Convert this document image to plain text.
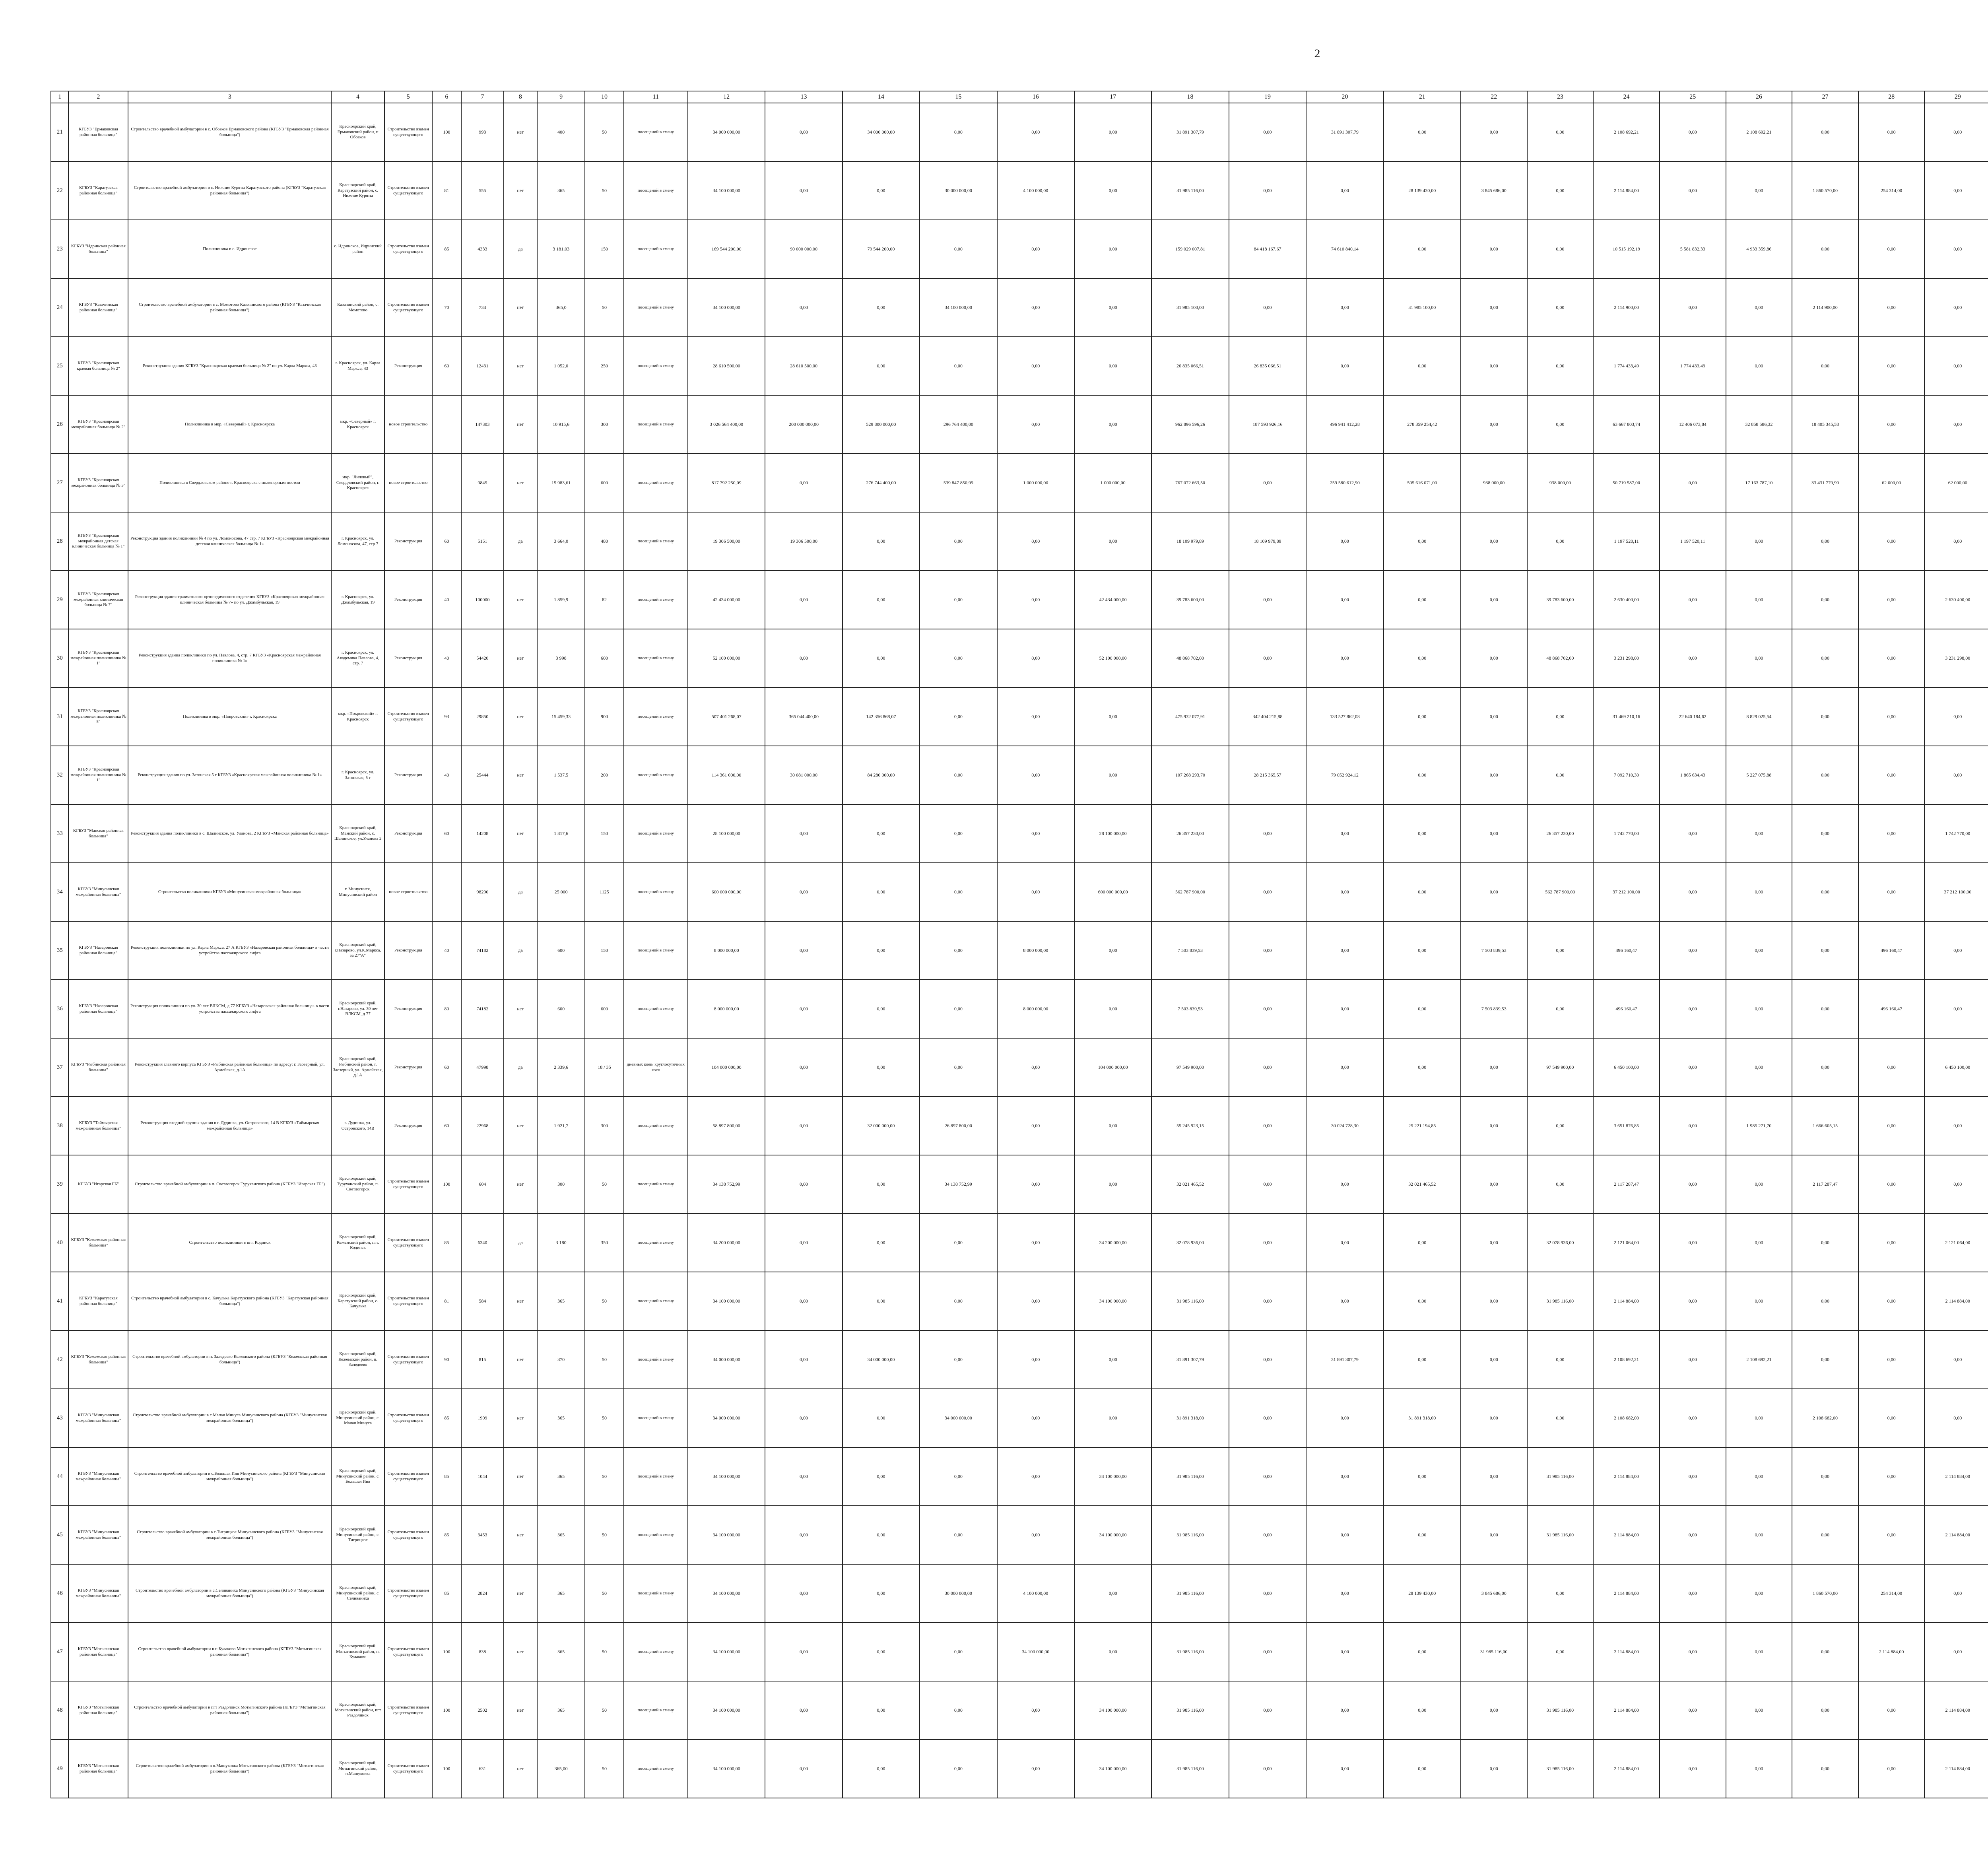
2
1	2	3	4	5	6	7	8	9	10	11	12	13	14	15	16	17	18	19	20	21	22	23	24	25	26	27	28	29								
21	КГБУЗ "Ермаковская районная больница"	Строительство врачебной амбулатории в с. Обозков Ермаковского района (КГБУЗ "Ермаковская районная больница")	Красноярский край, Ермаковский район, п Обозков	Строительство взамен существующего	100	993	нет	400	50	посещений в смену	34 000 000,00	0,00	34 000 000,00	0,00	0,00	0,00	31 891 307,79	0,00	31 891 307,79	0,00	0,00	0,00	2 108 692,21	0,00	2 108 692,21	0,00	0,00	0,00								
22	КГБУЗ "Каратузская районная больница"	Строительство врачебной амбулатории в с. Нижние Куряты Каратузского района (КГБУЗ "Каратузская районная больница")	Красноярский край, Каратузский район, с. Нижние Куряты	Строительство взамен существующего	81	555	нет	365	50	посещений в смену	34 100 000,00	0,00	0,00	30 000 000,00	4 100 000,00	0,00	31 985 116,00	0,00	0,00	28 139 430,00	3 845 686,00	0,00	2 114 884,00	0,00	0,00	1 860 570,00	254 314,00	0,00								
23	КГБУЗ "Идринская районная больница"	Поликлиника в с. Идринское	с. Идринское, Идринский район	Строительство взамен существующего	85	4333	да	3 181,03	150	посещений в смену	169 544 200,00	90 000 000,00	79 544 200,00	0,00	0,00	0,00	159 029 007,81	84 418 167,67	74 610 840,14	0,00	0,00	0,00	10 515 192,19	5 581 832,33	4 933 359,86	0,00	0,00	0,00								
24	КГБУЗ "Казачинская районная больница"	Строительство врачебной амбулатории в с. Момотово Казачинского района (КГБУЗ "Казачинская районная больница")	Казачинский район, с. Момотово	Строительство взамен существующего	70	734	нет	365,0	50	посещений в смену	34 100 000,00	0,00	0,00	34 100 000,00	0,00	0,00	31 985 100,00	0,00	0,00	31 985 100,00	0,00	0,00	2 114 900,00	0,00	0,00	2 114 900,00	0,00	0,00								
25	КГБУЗ "Красноярская краевая больница № 2"	Реконструкция здания КГБУЗ "Красноярская краевая больница № 2" по ул. Карла Маркса, 43	г. Красноярск, ул. Карла Маркса, 43	Реконструкция	60	12431	нет	1 052,0	250	посещений в смену	28 610 500,00	28 610 500,00	0,00	0,00	0,00	0,00	26 835 066,51	26 835 066,51	0,00	0,00	0,00	0,00	1 774 433,49	1 774 433,49	0,00	0,00	0,00	0,00								
26	КГБУЗ "Красноярская межрайонная больница № 2"	Поликлиника в мкр. «Северный» г. Красноярска	мкр. «Северный» г. Красноярск	новое строительство		147303	нет	10 915,6	300	посещений в смену	3 026 564 400,00	200 000 000,00	529 800 000,00	296 764 400,00	0,00	0,00	962 896 596,26	187 593 926,16	496 941 412,28	278 359 254,42	0,00	0,00	63 667 803,74	12 406 073,84	32 858 586,32	18 405 345,58	0,00	0,00								
27	КГБУЗ "Красноярская межрайонная больница № 3"	Поликлиника в Свердловском районе г. Красноярска с инженерным постом	мкр. "Лиловый", Свердловский район, г. Красноярск	новое строительство		9845	нет	15 983,61	600	посещений в смену	817 792 250,09	0,00	276 744 400,00	539 847 850,99	1 000 000,00	1 000 000,00	767 072 663,50	0,00	259 580 612,90	505 616 071,00	938 000,00	938 000,00	50 719 587,00	0,00	17 163 787,10	33 431 779,99	62 000,00	62 000,00								
28	КГБУЗ "Красноярская межрайонная детская клиническая больница № 1"	Реконструкция здания поликлиники № 4 по ул. Ломоносова, 47 стр. 7 КГБУЗ «Красноярская межрайонная детская клиническая больница № 1»	г. Красноярск, ул. Ломоносова, 47, стр 7	Реконструкция	60	5151	да	3 664,0	480	посещений в смену	19 306 500,00	19 306 500,00	0,00	0,00	0,00	0,00	18 109 979,89	18 109 979,89	0,00	0,00	0,00	0,00	1 197 520,11	1 197 520,11	0,00	0,00	0,00	0,00								
29	КГБУЗ "Красноярская межрайонная клиническая больница № 7"	Реконструкция здания травматолого-ортопедического отделения КГБУЗ «Красноярская межрайонная клиническая больница № 7» по ул. Джамбульская, 19	г. Красноярск, ул. Джамбульская, 19	Реконструкция	40	100000	нет	1 859,9	82	посещений в смену	42 434 000,00	0,00	0,00	0,00	0,00	42 434 000,00	39 783 600,00	0,00	0,00	0,00	0,00	39 783 600,00	2 630 400,00	0,00	0,00	0,00	0,00	2 630 400,00								
30	КГБУЗ "Красноярская межрайонная поликлиника № 1"	Реконструкция здания поликлиники по ул. Павлова, 4, стр. 7 КГБУЗ «Красноярская межрайонная поликлиника № 1»	г. Красноярск, ул. Академика Павлова, 4, стр. 7	Реконструкция	40	54420	нет	3 998	600	посещений в смену	52 100 000,00	0,00	0,00	0,00	0,00	52 100 000,00	48 868 702,00	0,00	0,00	0,00	0,00	48 868 702,00	3 231 298,00	0,00	0,00	0,00	0,00	3 231 298,00								
31	КГБУЗ "Красноярская межрайонная поликлиника № 5"	Поликлиника в мкр. «Покровский» г. Красноярска	мкр. «Покровский» г. Красноярск	Строительство взамен существующего	93	29850	нет	15 459,33	900	посещений в смену	507 401 268,07	365 044 400,00	142 356 868,07	0,00	0,00	0,00	475 932 077,91	342 404 215,88	133 527 862,03	0,00	0,00	0,00	31 469 210,16	22 640 184,62	8 829 025,54	0,00	0,00	0,00								
32	КГБУЗ "Красноярская межрайонная поликлиника № 1"	Реконструкция здания по ул. Затонская 5 г КГБУЗ «Красноярская межрайонная поликлиника № 1»	г. Красноярск, ул. Затонская, 5 г	Реконструкция	40	25444	нет	1 537,5	200	посещений в смену	114 361 000,00	30 081 000,00	84 280 000,00	0,00	0,00	0,00	107 268 293,70	28 215 365,57	79 052 924,12	0,00	0,00	0,00	7 092 710,30	1 865 634,43	5 227 075,88	0,00	0,00	0,00								
33	КГБУЗ "Манская районная больница"	Реконструкция здания поликлиники в с. Шалинское, ул. Уланова, 2 КГБУЗ «Манская районная больница»	Красноярский край, Манский район, с. Шалинское, ул.Уланова 2	Реконструкция	60	14208	нет	1 817,6	150	посещений в смену	28 100 000,00	0,00	0,00	0,00	0,00	28 100 000,00	26 357 230,00	0,00	0,00	0,00	0,00	26 357 230,00	1 742 770,00	0,00	0,00	0,00	0,00	1 742 770,00								
34	КГБУЗ "Минусинская межрайонная больница"	Строительство поликлиники КГБУЗ «Минусинская межрайонная больница»	г. Минусинск, Минусинский район	новое строительство		98290	да	25 000	1125	посещений в смену	600 000 000,00	0,00	0,00	0,00	0,00	600 000 000,00	562 787 900,00	0,00	0,00	0,00	0,00	562 787 900,00	37 212 100,00	0,00	0,00	0,00	0,00	37 212 100,00								
35	КГБУЗ "Назаровская районная больница"	Реконструкция поликлиники по ул. Карла Маркса, 27 А КГБУЗ «Назаровская районная больница» в части устройства пассажирского лифта	Красноярский край, г.Назарово, ул.К.Маркса, за 27"А"	Реконструкция	40	74182	да	600	150	посещений в смену	8 000 000,00	0,00	0,00	0,00	8 000 000,00	0,00	7 503 839,53	0,00	0,00	0,00	7 503 839,53	0,00	496 160,47	0,00	0,00	0,00	496 160,47	0,00								
36	КГБУЗ "Назаровская районная больница"	Реконструкция поликлиники по ул. 30 лет ВЛКСМ, д 77 КГБУЗ «Назаровская районная больница» в части устройства пассажирского лифта	Красноярский край, г.Назарово, ул. 30 лет ВЛКСМ, д 77	Реконструкция	80	74182	нет	600	600	посещений в смену	8 000 000,00	0,00	0,00	0,00	8 000 000,00	0,00	7 503 839,53	0,00	0,00	0,00	7 503 839,53	0,00	496 160,47	0,00	0,00	0,00	496 160,47	0,00								
37	КГБУЗ "Рыбинская районная больница"	Реконструкция главного корпуса КГБУЗ «Рыбинская районная больница» по адресу: г. Заозерный, ул. Армейская, д.1А	Красноярский край, Рыбинский район, г. Заозерный, ул. Армейская, д.1А	Реконструкция	60	47998	да	2 339,6	18 / 35	дневных коек/ круглосуточных коек	104 000 000,00	0,00	0,00	0,00	0,00	104 000 000,00	97 549 900,00	0,00	0,00	0,00	0,00	97 549 900,00	6 450 100,00	0,00	0,00	0,00	0,00	6 450 100,00								
38	КГБУЗ "Таймырская межрайонная больница"	Реконструкция входной группы здания в г. Дудинка, ул. Островского, 14 В КГБУЗ «Таймырская межрайонная больница»	г. Дудинка, ул. Островского, 14В	Реконструкция	60	22968	нет	1 921,7	300	посещений в смену	58 897 800,00	0,00	32 000 000,00	26 897 800,00	0,00	0,00	55 245 923,15	0,00	30 024 728,30	25 221 194,85	0,00	0,00	3 651 876,85	0,00	1 985 271,70	1 666 605,15	0,00	0,00								
39	КГБУЗ "Игарская ГБ"	Строительство врачебной амбулатории в п. Светлогорск Туруханского района (КГБУЗ "Игарская ГБ")	Красноярский край, Туруханский район, п. Светлогорск	Строительство взамен существующего	100	604	нет	300	50	посещений в смену	34 138 752,99	0,00	0,00	34 138 752,99	0,00	0,00	32 021 465,52	0,00	0,00	32 021 465,52	0,00	0,00	2 117 287,47	0,00	0,00	2 117 287,47	0,00	0,00								
40	КГБУЗ "Кежемская районная больница"	Строительство поликлиники в пгт. Кодинск	Красноярский край, Кежемский район, пгт. Кодинск	Строительство взамен существующего	85	6340	да	3 180	350	посещений в смену	34 200 000,00	0,00	0,00	0,00	0,00	34 200 000,00	32 078 936,00	0,00	0,00	0,00	0,00	32 078 936,00	2 121 064,00	0,00	0,00	0,00	0,00	2 121 064,00								
41	КГБУЗ "Каратузская районная больница"	Строительство врачебной амбулатории в с. Качулька Каратузского района (КГБУЗ "Каратузская районная больница")	Красноярский край, Каратузский район, с. Качулька	Строительство взамен существующего	81	584	нет	365	50	посещений в смену	34 100 000,00	0,00	0,00	0,00	0,00	34 100 000,00	31 985 116,00	0,00	0,00	0,00	0,00	31 985 116,00	2 114 884,00	0,00	0,00	0,00	0,00	2 114 884,00								
42	КГБУЗ "Кежемская районная больница"	Строительство врачебной амбулатории в п. Заледеево Кежемского района (КГБУЗ "Кежемская районная больница")	Красноярский край, Кежемский район, п. Заледеево	Строительство взамен существующего	90	815	нет	370	50	посещений в смену	34 000 000,00	0,00	34 000 000,00	0,00	0,00	0,00	31 891 307,79	0,00	31 891 307,79	0,00	0,00	0,00	2 108 692,21	0,00	2 108 692,21	0,00	0,00	0,00								
43	КГБУЗ "Минусинская межрайонная больница"	Строительство врачебной амбулатории в с.Малая Минуса Минусинского района (КГБУЗ "Минусинская межрайонная больница")	Красноярский край, Минусинский район, с. Малая Минуса	Строительство взамен существующего	85	1909	нет	365	50	посещений в смену	34 000 000,00	0,00	0,00	34 000 000,00	0,00	0,00	31 891 318,00	0,00	0,00	31 891 318,00	0,00	0,00	2 108 682,00	0,00	0,00	2 108 682,00	0,00	0,00								
44	КГБУЗ "Минусинская межрайонная больница"	Строительство врачебной амбулатории в с.Большая Иня Минусинского района (КГБУЗ "Минусинская межрайонная больница")	Красноярский край, Минусинский район, с. Большая Иня	Строительство взамен существующего	85	1044	нет	365	50	посещений в смену	34 100 000,00	0,00	0,00	0,00	0,00	34 100 000,00	31 985 116,00	0,00	0,00	0,00	0,00	31 985 116,00	2 114 884,00	0,00	0,00	0,00	0,00	2 114 884,00								
45	КГБУЗ "Минусинская межрайонная больница"	Строительство врачебной амбулатории в с.Тигрицкое Минусинского района (КГБУЗ "Минусинская межрайонная больница")	Красноярский край, Минусинский район, с. Тигрицкое	Строительство взамен существующего	85	3453	нет	365	50	посещений в смену	34 100 000,00	0,00	0,00	0,00	0,00	34 100 000,00	31 985 116,00	0,00	0,00	0,00	0,00	31 985 116,00	2 114 884,00	0,00	0,00	0,00	0,00	2 114 884,00								
46	КГБУЗ "Минусинская межрайонная больница"	Строительство врачебной амбулатории в с.Селиваниха Минусинского района (КГБУЗ "Минусинская межрайонная больница")	Красноярский край, Минусинский район, с. Селиваниха	Строительство взамен существующего	85	2824	нет	365	50	посещений в смену	34 100 000,00	0,00	0,00	30 000 000,00	4 100 000,00	0,00	31 985 116,00	0,00	0,00	28 139 430,00	3 845 686,00	0,00	2 114 884,00	0,00	0,00	1 860 570,00	254 314,00	0,00								
47	КГБУЗ "Мотыгинская районная больница"	Строительство врачебной амбулатории в п.Кулаково Мотыгинского района (КГБУЗ "Мотыгинская районная больница")	Красноярский край, Мотыгинский район, п. Кулаково	Строительство взамен существующего	100	838	нет	365	50	посещений в смену	34 100 000,00	0,00	0,00	0,00	34 100 000,00	0,00	31 985 116,00	0,00	0,00	0,00	31 985 116,00	0,00	2 114 884,00	0,00	0,00	0,00	2 114 884,00	0,00								
48	КГБУЗ "Мотыгинская районная больница"	Строительство врачебной амбулатории в пгт Раздолинск Мотыгинского района (КГБУЗ "Мотыгинская районная больница")	Красноярский край, Мотыгинский район, пгт Раздолинск	Строительство взамен существующего	100	2502	нет	365	50	посещений в смену	34 100 000,00	0,00	0,00	0,00	0,00	34 100 000,00	31 985 116,00	0,00	0,00	0,00	0,00	31 985 116,00	2 114 884,00	0,00	0,00	0,00	0,00	2 114 884,00								
49	КГБУЗ "Мотыгинская районная больница"	Строительство врачебной амбулатории в п.Машуковка Мотыгинского района (КГБУЗ "Мотыгинская районная больница")	Красноярский край, Мотыгинский район, п.Машуковка	Строительство взамен существующего	100	631	нет	365,00	50	посещений в смену	34 100 000,00	0,00	0,00	0,00	0,00	34 100 000,00	31 985 116,00	0,00	0,00	0,00	0,00	31 985 116,00	2 114 884,00	0,00	0,00	0,00	0,00	2 114 884,00								
